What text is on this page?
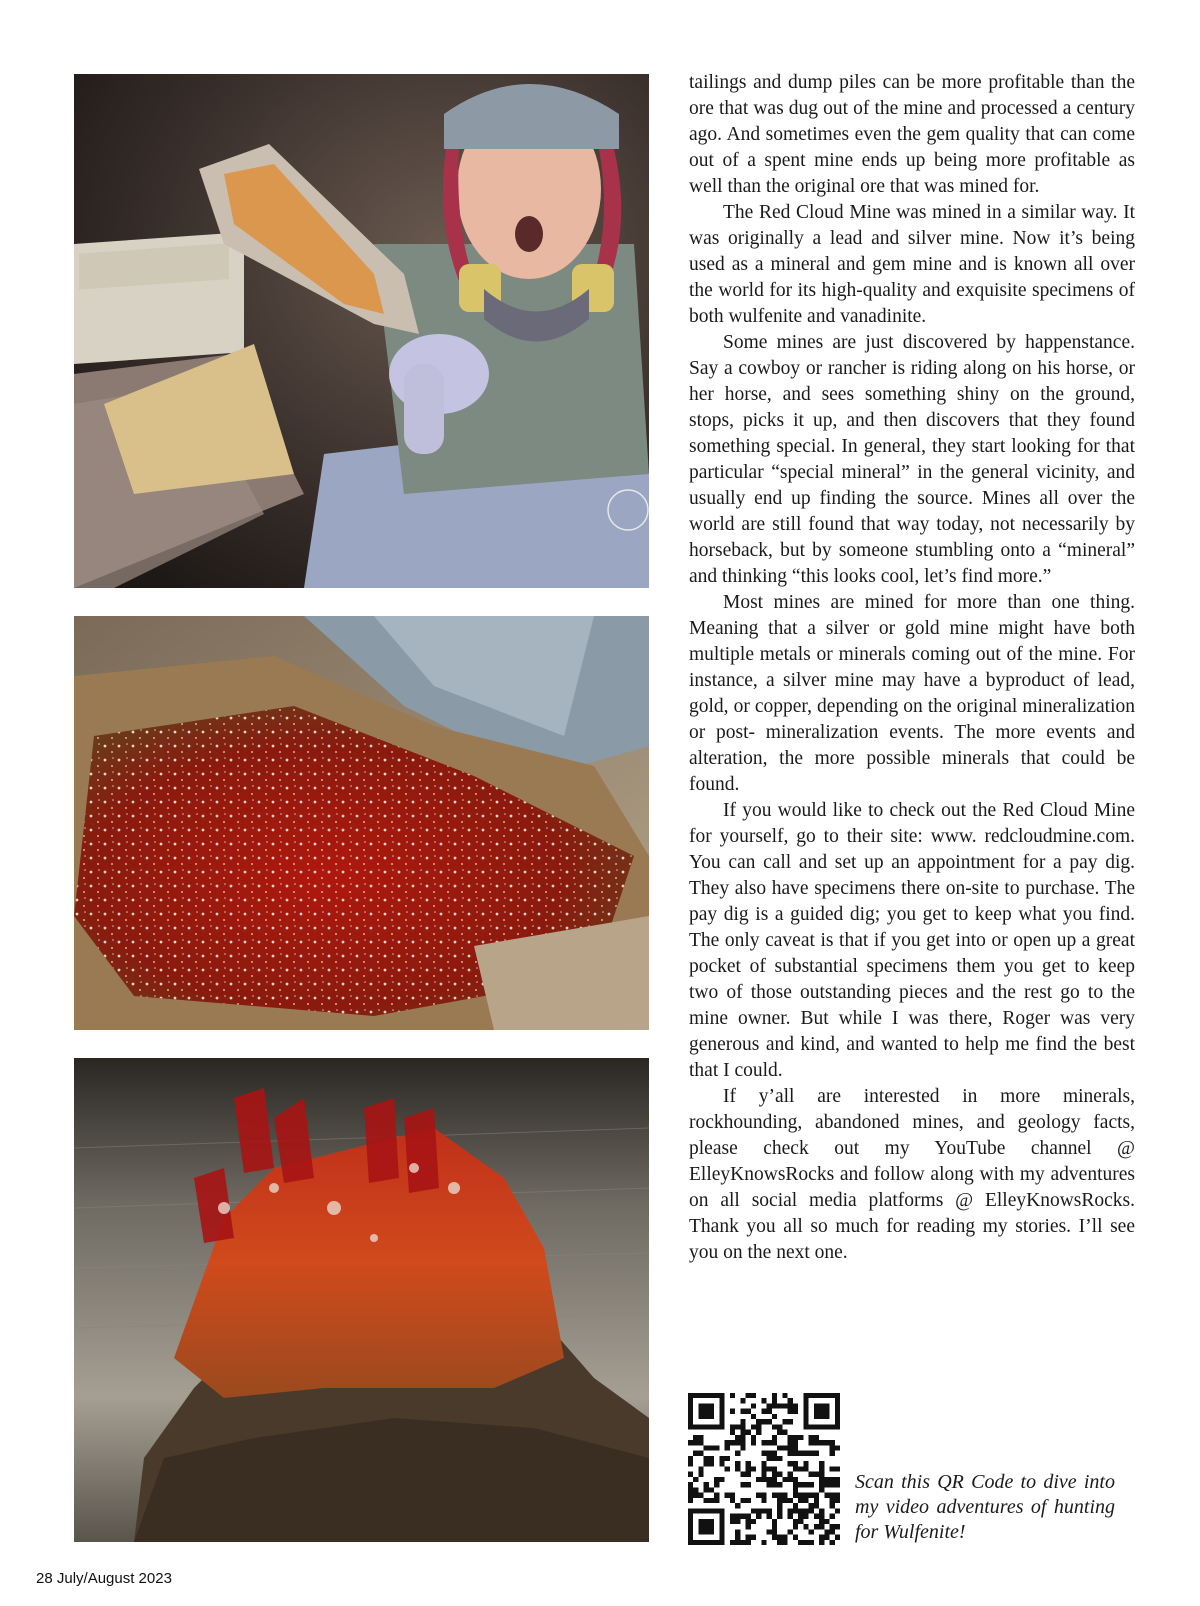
tailings and dump piles can be more profitable than the ore that was dug out of the mine and processed a century ago. And sometimes even the gem quality that can come out of a spent mine ends up being more profitable as well than the original ore that was mined for.

The Red Cloud Mine was mined in a similar way. It was originally a lead and silver mine. Now it’s being used as a mineral and gem mine and is known all over the world for its high-quality and exquisite specimens of both wulfenite and vanadinite.

Some mines are just discovered by happenstance. Say a cowboy or rancher is riding along on his horse, or her horse, and sees something shiny on the ground, stops, picks it up, and then discovers that they found something special. In general, they start looking for that particular “special mineral” in the general vicinity, and usually end up finding the source. Mines all over the world are still found that way today, not necessarily by horseback, but by someone stumbling onto a “mineral” and thinking “this looks cool, let’s find more.”

Most mines are mined for more than one thing. Meaning that a silver or gold mine might have both multiple metals or minerals coming out of the mine. For instance, a silver mine may have a byproduct of lead, gold, or copper, depending on the original mineralization or post- mineralization events. The more events and alteration, the more possible minerals that could be found.

If you would like to check out the Red Cloud Mine for yourself, go to their site: www. redcloudmine.com. You can call and set up an appointment for a pay dig. They also have specimens there on-site to purchase. The pay dig is a guided dig; you get to keep what you find. The only caveat is that if you get into or open up a great pocket of substantial specimens them you get to keep two of those outstanding pieces and the rest go to the mine owner. But while I was there, Roger was very generous and kind, and wanted to help me find the best that I could.

If y’all are interested in more minerals, rockhounding, abandoned mines, and geology facts, please check out my YouTube channel @ ElleyKnowsRocks and follow along with my adventures on all social media platforms @ ElleyKnowsRocks. Thank you all so much for reading my stories. I’ll see you on the next one.

Scan this QR Code to dive into my video adventures of hunting for Wulfenite!
28 July/August 2023
